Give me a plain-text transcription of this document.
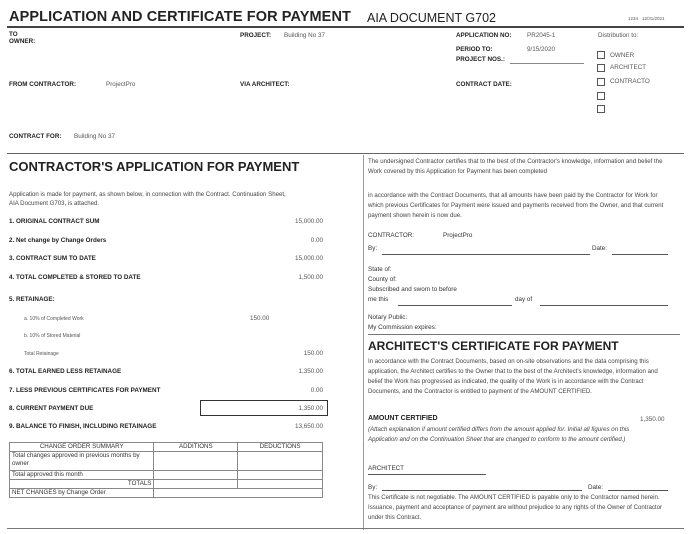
APPLICATION AND CERTIFICATE FOR PAYMENT AIA DOCUMENT G702	1234 12/31/2021
TO
OWNER:
PROJECT: Building No 37	APPLICATION NO: PR2045-1	Distribution to:
PERIOD TO:	9/15/2020
PROJECT NOS.:
OWNER
ARCHITECT
CONTRACTO
FROM CONTRACTOR:	ProjectPro	VIA ARCHITECT:	CONTRACT DATE:
CONTRACT FOR: Building No 37
CONTRACTOR'S APPLICATION FOR PAYMENT
Application is made for payment, as shown below, in connection with the Contract. Continuation Sheet, AIA Document G703, is attached.
1. ORIGINAL CONTRACT SUM	15,000.00
2. Net change by Change Orders	0.00
3. CONTRACT SUM TO DATE	15,000.00
4. TOTAL COMPLETED & STORED TO DATE	1,500.00
5. RETAINAGE:
a. 10% of Completed Work	150.00
b. 10% of Stored Material
Total Retainage	150.00
6. TOTAL EARNED LESS RETAINAGE	1,350.00
7. LESS PREVIOUS CERTIFICATES FOR PAYMENT	0.00
8. CURRENT PAYMENT DUE	1,350.00
9. BALANCE TO FINISH, INCLUDING RETAINAGE	13,650.00
CHANGE ORDER SUMMARY	ADDITIONS	DEDUCTIONS
Total changes approved in previous months by owner		
Total approved this month		
TOTALS		
NET CHANGES by Change Order		
The undersigned Contractor certifies that to the best of the Contractor's knowledge, information and belief the Work covered by this Application for Payment has been completed
in accordance with the Contract Documents, that all amounts have been paid by the Contractor for Work for which previous Certificates for Payment were issued and payments received from the Owner, and that current payment shown herein is now due.
CONTRACTOR:	ProjectPro
By:	Date:
State of:
County of:
Subscribed and sworn to before
me this	day of
Notary Public:
My Commission expires:
ARCHITECT'S CERTIFICATE FOR PAYMENT
In accordance with the Contract Documents, based on on-site observations and the data comprising this application, the Architect certifies to the Owner that to the best of the Architect's knowledge, information and belief the Work has progressed as indicated, the quality of the Work is in accordance with the Contract Documents, and the Contractor is entitled to payment of the AMOUNT CERTIFIED.
AMOUNT CERTIFIED	1,350.00
(Attach explanation if amount certified differs from the amount applied for. Initial all figures on this Application and on the Continuation Sheet that are changed to conform to the amount certified.)
ARCHITECT
By:	Date:
This Certificate is not negotiable. The AMOUNT CERTIFIED is payable only to the Contractor named herein. Issuance, payment and acceptance of payment are without prejudice to any rights of the Owner of Contractor under this Contract.
